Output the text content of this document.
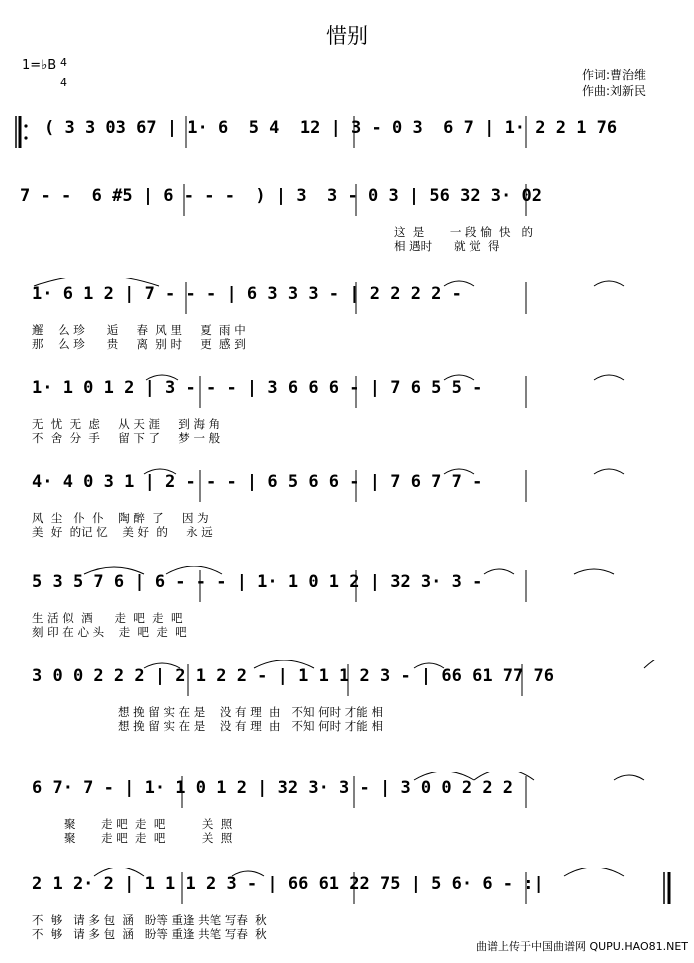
惜别
1=♭B 4
4
作词:曹治维
作曲:刘新民
( 3 3 03 67 | 1· 6  5 4  12 | 3 - 0 3  6 7 | 1· 2 2 1 76
7 - -  6 #5 | 6 - - -  ) | 3  3 - 0 3 | 56 32 3· 02
这  是       一 段 愉  快   的
相 遇时      就 觉  得
1· 6 1 2 | 7 - - - | 6 3 3 3 - | 2 2 2 2 -
邂    么 珍      逅     春  风 里     夏  雨 中
那    么 珍      贵     离  别 时     更  感 到
1· 1 0 1 2 | 3 - - - | 3 6 6 6 - | 7 6 5 5 -
无  忧  无  虑     从 天 涯     到 海 角
不  舍  分  手     留 下 了     梦 一 般
4· 4 0 3 1 | 2 - - - | 6 5 6 6 - | 7 6 7 7 -
风  尘   仆  仆    陶 醉  了     因 为
美  好  的记 忆    美 好  的     永 远
5 3 5 7 6 | 6 - - - | 1· 1 0 1 2 | 32 3· 3 -
生 活 似  酒      走  吧  走  吧
刻 印 在 心 头    走  吧  走  吧
3 0 0 2 2 2 | 2 1 2 2 - | 1 1 1 2 3 - | 66 61 77 76
想 挽 留 实 在 是    没 有 理  由   不知 何时 才能 相
想 挽 留 实 在 是    没 有 理  由   不知 何时 才能 相
6 7· 7 - | 1· 1 0 1 2 | 32 3· 3 - | 3 0 0 2 2 2
聚       走 吧  走  吧          关  照
聚       走 吧  走  吧          关  照
2 1 2· 2 | 1 1 1 2 3 - | 66 61 22 75 | 5 6· 6 - :|
不  够   请 多 包  涵   盼等 重逢 共笔 写春  秋
不  够   请 多 包  涵   盼等 重逢 共笔 写春  秋
曲谱上传于中国曲谱网 QUPU.HAO81.NET
